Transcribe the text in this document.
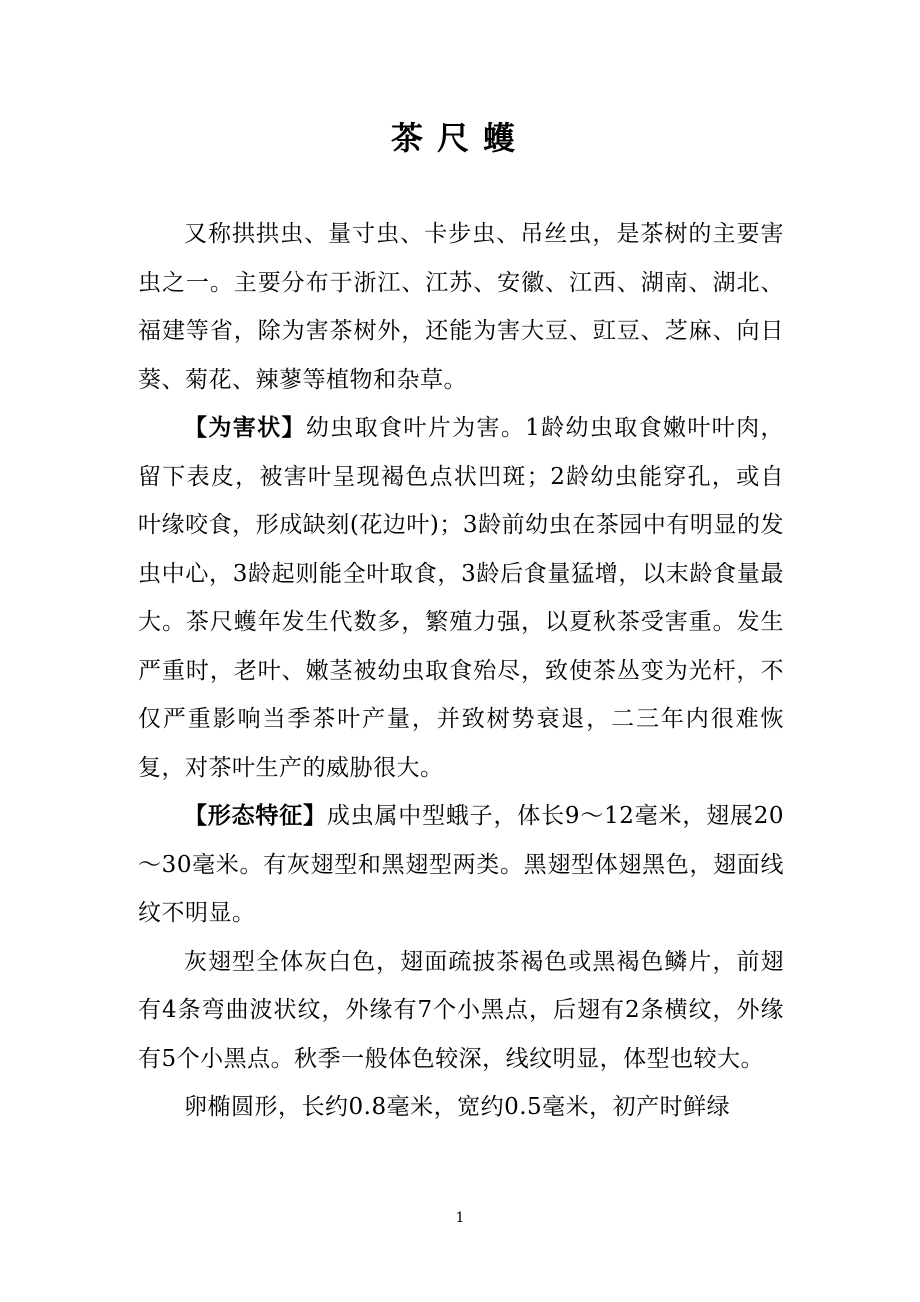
茶尺蠖

又称拱拱虫、量寸虫、卡步虫、吊丝虫，是茶树的主要害虫之一。主要分布于浙江、江苏、安徽、江西、湖南、湖北、福建等省，除为害茶树外，还能为害大豆、豇豆、芝麻、向日葵、菊花、辣蓼等植物和杂草。

【为害状】幼虫取食叶片为害。1龄幼虫取食嫩叶叶肉，留下表皮，被害叶呈现褐色点状凹斑；2龄幼虫能穿孔，或自叶缘咬食，形成缺刻(花边叶)；3龄前幼虫在茶园中有明显的发虫中心，3龄起则能全叶取食，3龄后食量猛增，以末龄食量最大。茶尺蠖年发生代数多，繁殖力强，以夏秋茶受害重。发生严重时，老叶、嫩茎被幼虫取食殆尽，致使茶丛变为光杆，不仅严重影响当季茶叶产量，并致树势衰退，二三年内很难恢复，对茶叶生产的威胁很大。

【形态特征】成虫属中型蛾子，体长9～12毫米，翅展20～30毫米。有灰翅型和黑翅型两类。黑翅型体翅黑色，翅面线纹不明显。

灰翅型全体灰白色，翅面疏披茶褐色或黑褐色鳞片，前翅有4条弯曲波状纹，外缘有7个小黑点，后翅有2条横纹，外缘有5个小黑点。秋季一般体色较深，线纹明显，体型也较大。

卵椭圆形，长约0.8毫米，宽约0.5毫米，初产时鲜绿

1
